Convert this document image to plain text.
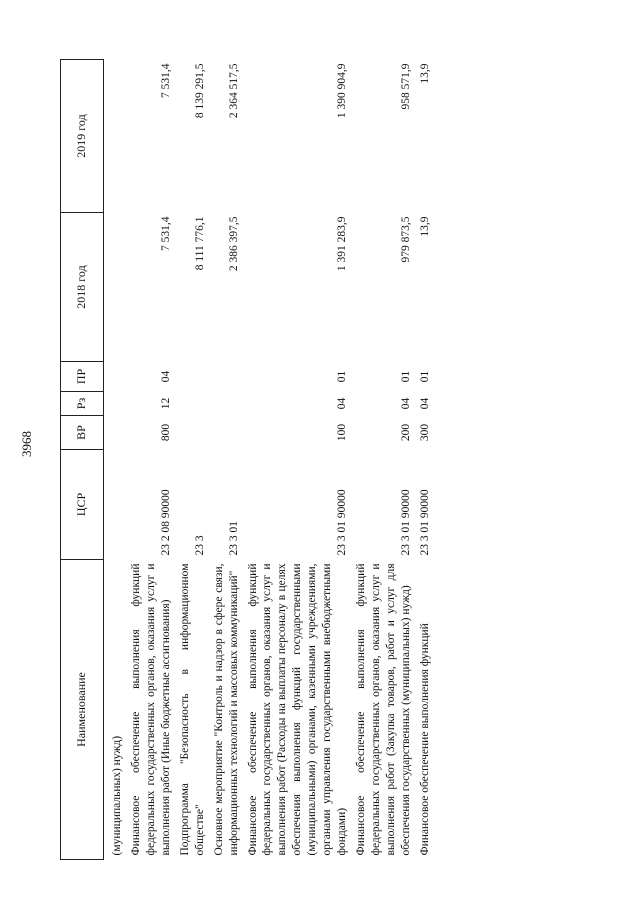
3968
Наименование	ЦСР	ВР	Рз	ПР	2018 год	2019 год
(муниципальных) нужд)						
Финансовое обеспечение выполнения функций федеральных государственных органов, оказания услуг и выполнения работ (Иные бюджетные ассигнования)	23 2 08 90000	800	12	04	7 531,4	7 531,4
Подпрограмма "Безопасность в информационном обществе"	23 3				8 111 776,1	8 139 291,5
Основное мероприятие "Контроль и надзор в сфере связи, информационных технологий и массовых коммуникаций"	23 3 01				2 386 397,5	2 364 517,5
Финансовое обеспечение выполнения функций федеральных государственных органов, оказания услуг и выполнения работ (Расходы на выплаты персоналу в целях обеспечения выполнения функций государственными (муниципальными) органами, казенными учреждениями, органами управления государственными внебюджетными фондами)	23 3 01 90000	100	04	01	1 391 283,9	1 390 904,9
Финансовое обеспечение выполнения функций федеральных государственных органов, оказания услуг и выполнения работ (Закупка товаров, работ и услуг для обеспечения государственных (муниципальных) нужд)	23 3 01 90000	200	04	01	979 873,5	958 571,9
Финансовое обеспечение выполнения функций	23 3 01 90000	300	04	01	13,9	13,9
